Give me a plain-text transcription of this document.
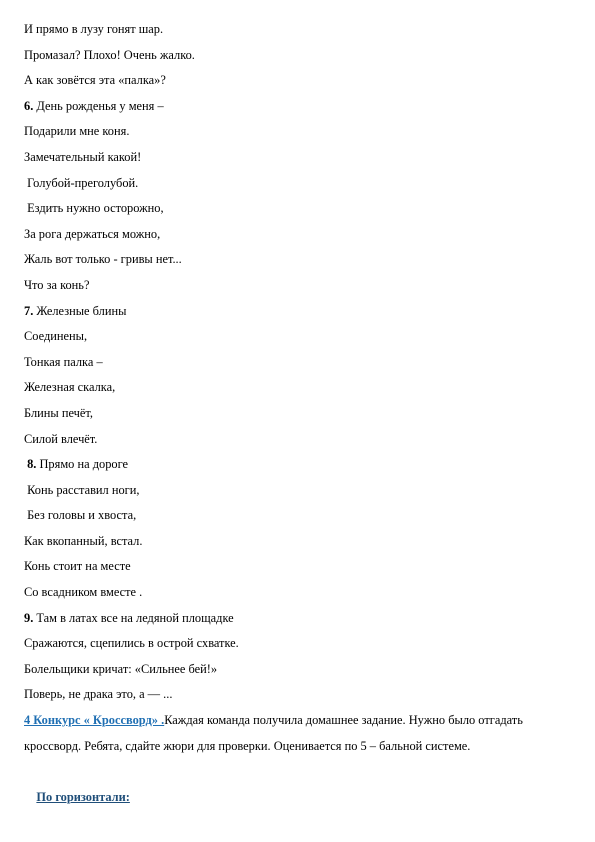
И прямо в лузу гонят шар.
Промазал? Плохо! Очень жалко.
А как зовётся эта «палка»?
6. День рожденья у меня –
Подарили мне коня.
Замечательный какой!
Голубой-преголубой.
Ездить нужно осторожно,
За рога держаться можно,
Жаль вот только - гривы нет...
Что за конь?
7. Железные блины
Соединены,
Тонкая палка –
Железная скалка,
Блины печёт,
Силой влечёт.
8. Прямо на дороге
Конь расставил ноги,
Без головы и хвоста,
Как вкопанный, встал.
Конь стоит на месте
Со всадником вместе .
9. Там в латах все на ледяной площадке
Сражаются, сцепились в острой схватке.
Болельщики кричат: «Сильнее бей!»
Поверь, не драка это, а — ...
4 Конкурс « Кроссворд» .Каждая команда получила домашнее задание. Нужно было отгадать кроссворд. Ребята, сдайте жюри для проверки. Оценивается по 5 – бальной системе.

По горизонтали:
